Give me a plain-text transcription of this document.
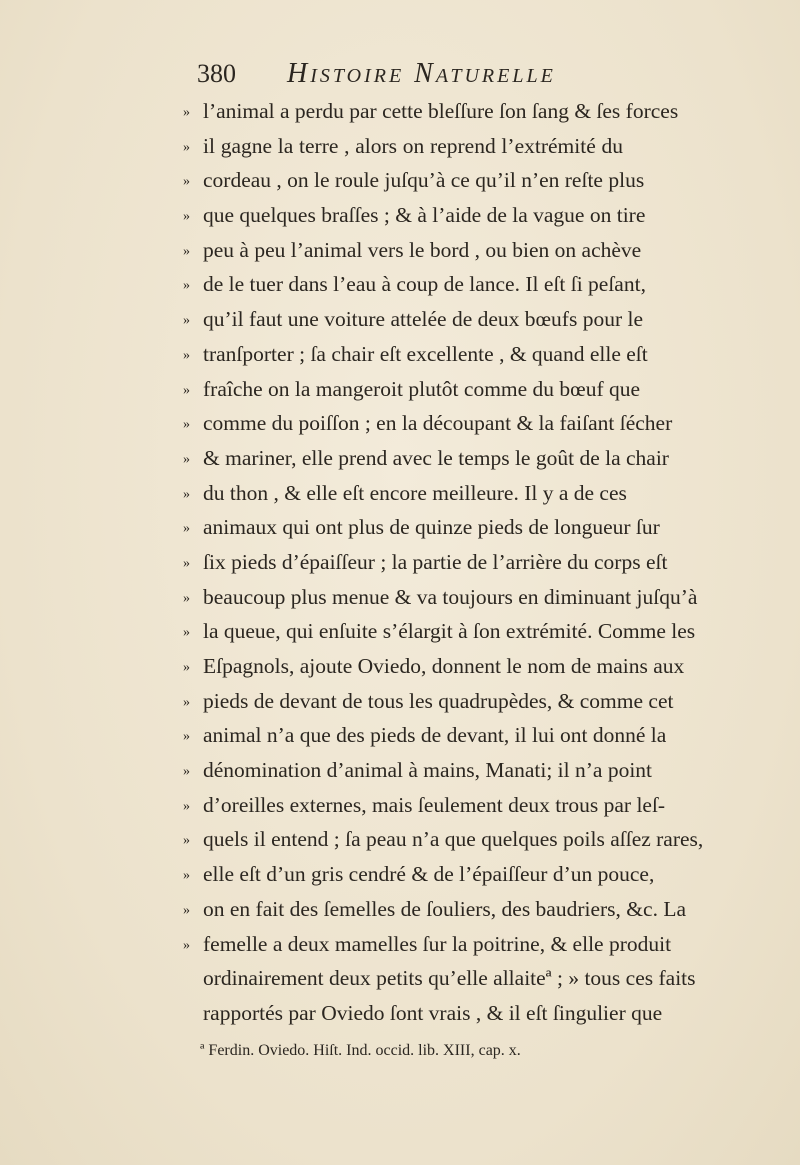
380	Histoire Naturelle
» l’animal a perdu par cette bleſſure ſon ſang & ſes forces
» il gagne la terre , alors on reprend l’extrémité du
» cordeau , on le roule juſqu’à ce qu’il n’en reſte plus
» que quelques braſſes ; & à l’aide de la vague on tire
» peu à peu l’animal vers le bord , ou bien on achève
» de le tuer dans l’eau à coup de lance. Il eſt ſi peſant,
» qu’il faut une voiture attelée de deux bœufs pour le
» tranſporter ; ſa chair eſt excellente , & quand elle eſt
» fraîche on la mangeroit plutôt comme du bœuf que
» comme du poiſſon ; en la découpant & la faiſant ſécher
» & mariner, elle prend avec le temps le goût de la chair
» du thon , & elle eſt encore meilleure. Il y a de ces
» animaux qui ont plus de quinze pieds de longueur ſur
» ſix pieds d’épaiſſeur ; la partie de l’arrière du corps eſt
» beaucoup plus menue & va toujours en diminuant juſqu’à
» la queue, qui enſuite s’élargit à ſon extrémité. Comme les
» Eſpagnols, ajoute Oviedo, donnent le nom de mains aux
» pieds de devant de tous les quadrupèdes, & comme cet
» animal n’a que des pieds de devant, il lui ont donné la
» dénomination d’animal à mains, Manati; il n’a point
» d’oreilles externes, mais ſeulement deux trous par leſ-
» quels il entend ; ſa peau n’a que quelques poils aſſez rares,
» elle eſt d’un gris cendré & de l’épaiſſeur d’un pouce,
» on en fait des ſemelles de ſouliers, des baudriers, &c. La
» femelle a deux mamelles ſur la poitrine, & elle produit
ordinairement deux petits qu’elle allaiteª ; » tous ces faits
rapportés par Oviedo ſont vrais , & il eſt ſingulier que
ª Ferdin. Oviedo. Hiſt. Ind. occid. lib. XIII, cap. x.
